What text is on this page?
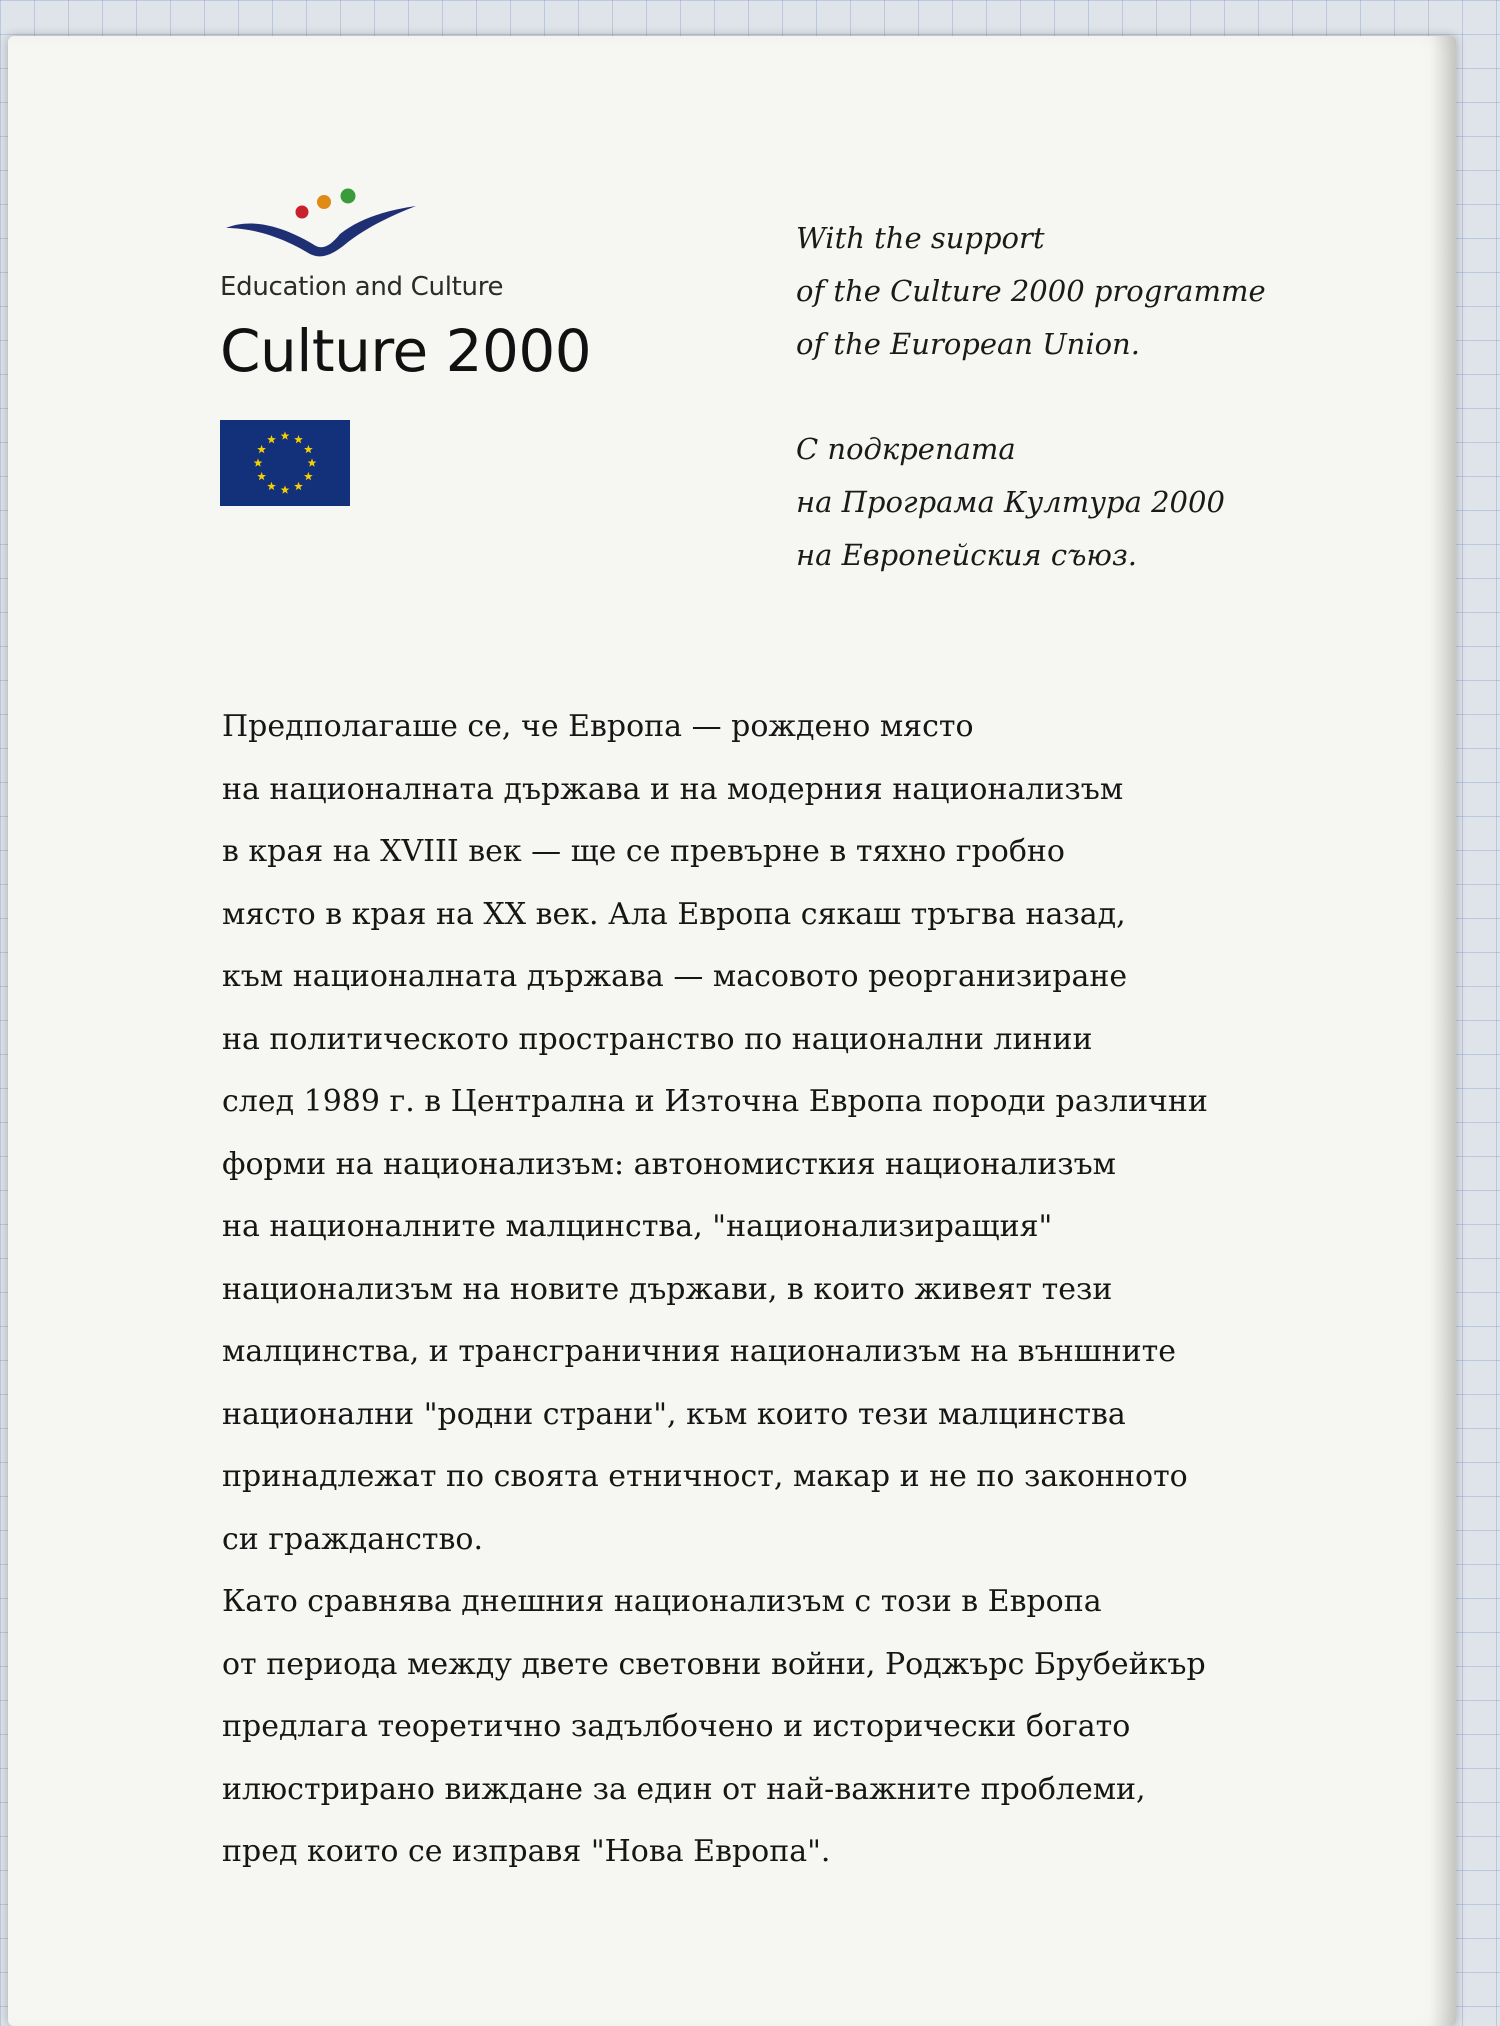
Education and Culture
Culture 2000

With the support

of the Culture 2000 programme

of the European Union.

С подкрепата

на Програма Култура 2000

на Европейския съюз.

Предполагаше се, че Европа — рождено място
на националната държава и на модерния национализъм
в края на XVIII век — ще се превърне в тяхно гробно
място в края на XX век. Ала Европа сякаш тръгва назад,
към националната държава — масовото реорганизиране
на политическото пространство по национални линии
след 1989 г. в Централна и Източна Европа породи различни
форми на национализъм: автономисткия национализъм
на националните малцинства, "национализиращия"
национализъм на новите държави, в които живеят тези
малцинства, и трансграничния национализъм на външните
национални "родни страни", към които тези малцинства
принадлежат по своята етничност, макар и не по законното
си гражданство.

Като сравнява днешния национализъм с този в Европа
от периода между двете световни войни, Роджърс Брубейкър
предлага теоретично задълбочено и исторически богато
илюстрирано виждане за един от най-важните проблеми,
пред които се изправя "Нова Европа".
